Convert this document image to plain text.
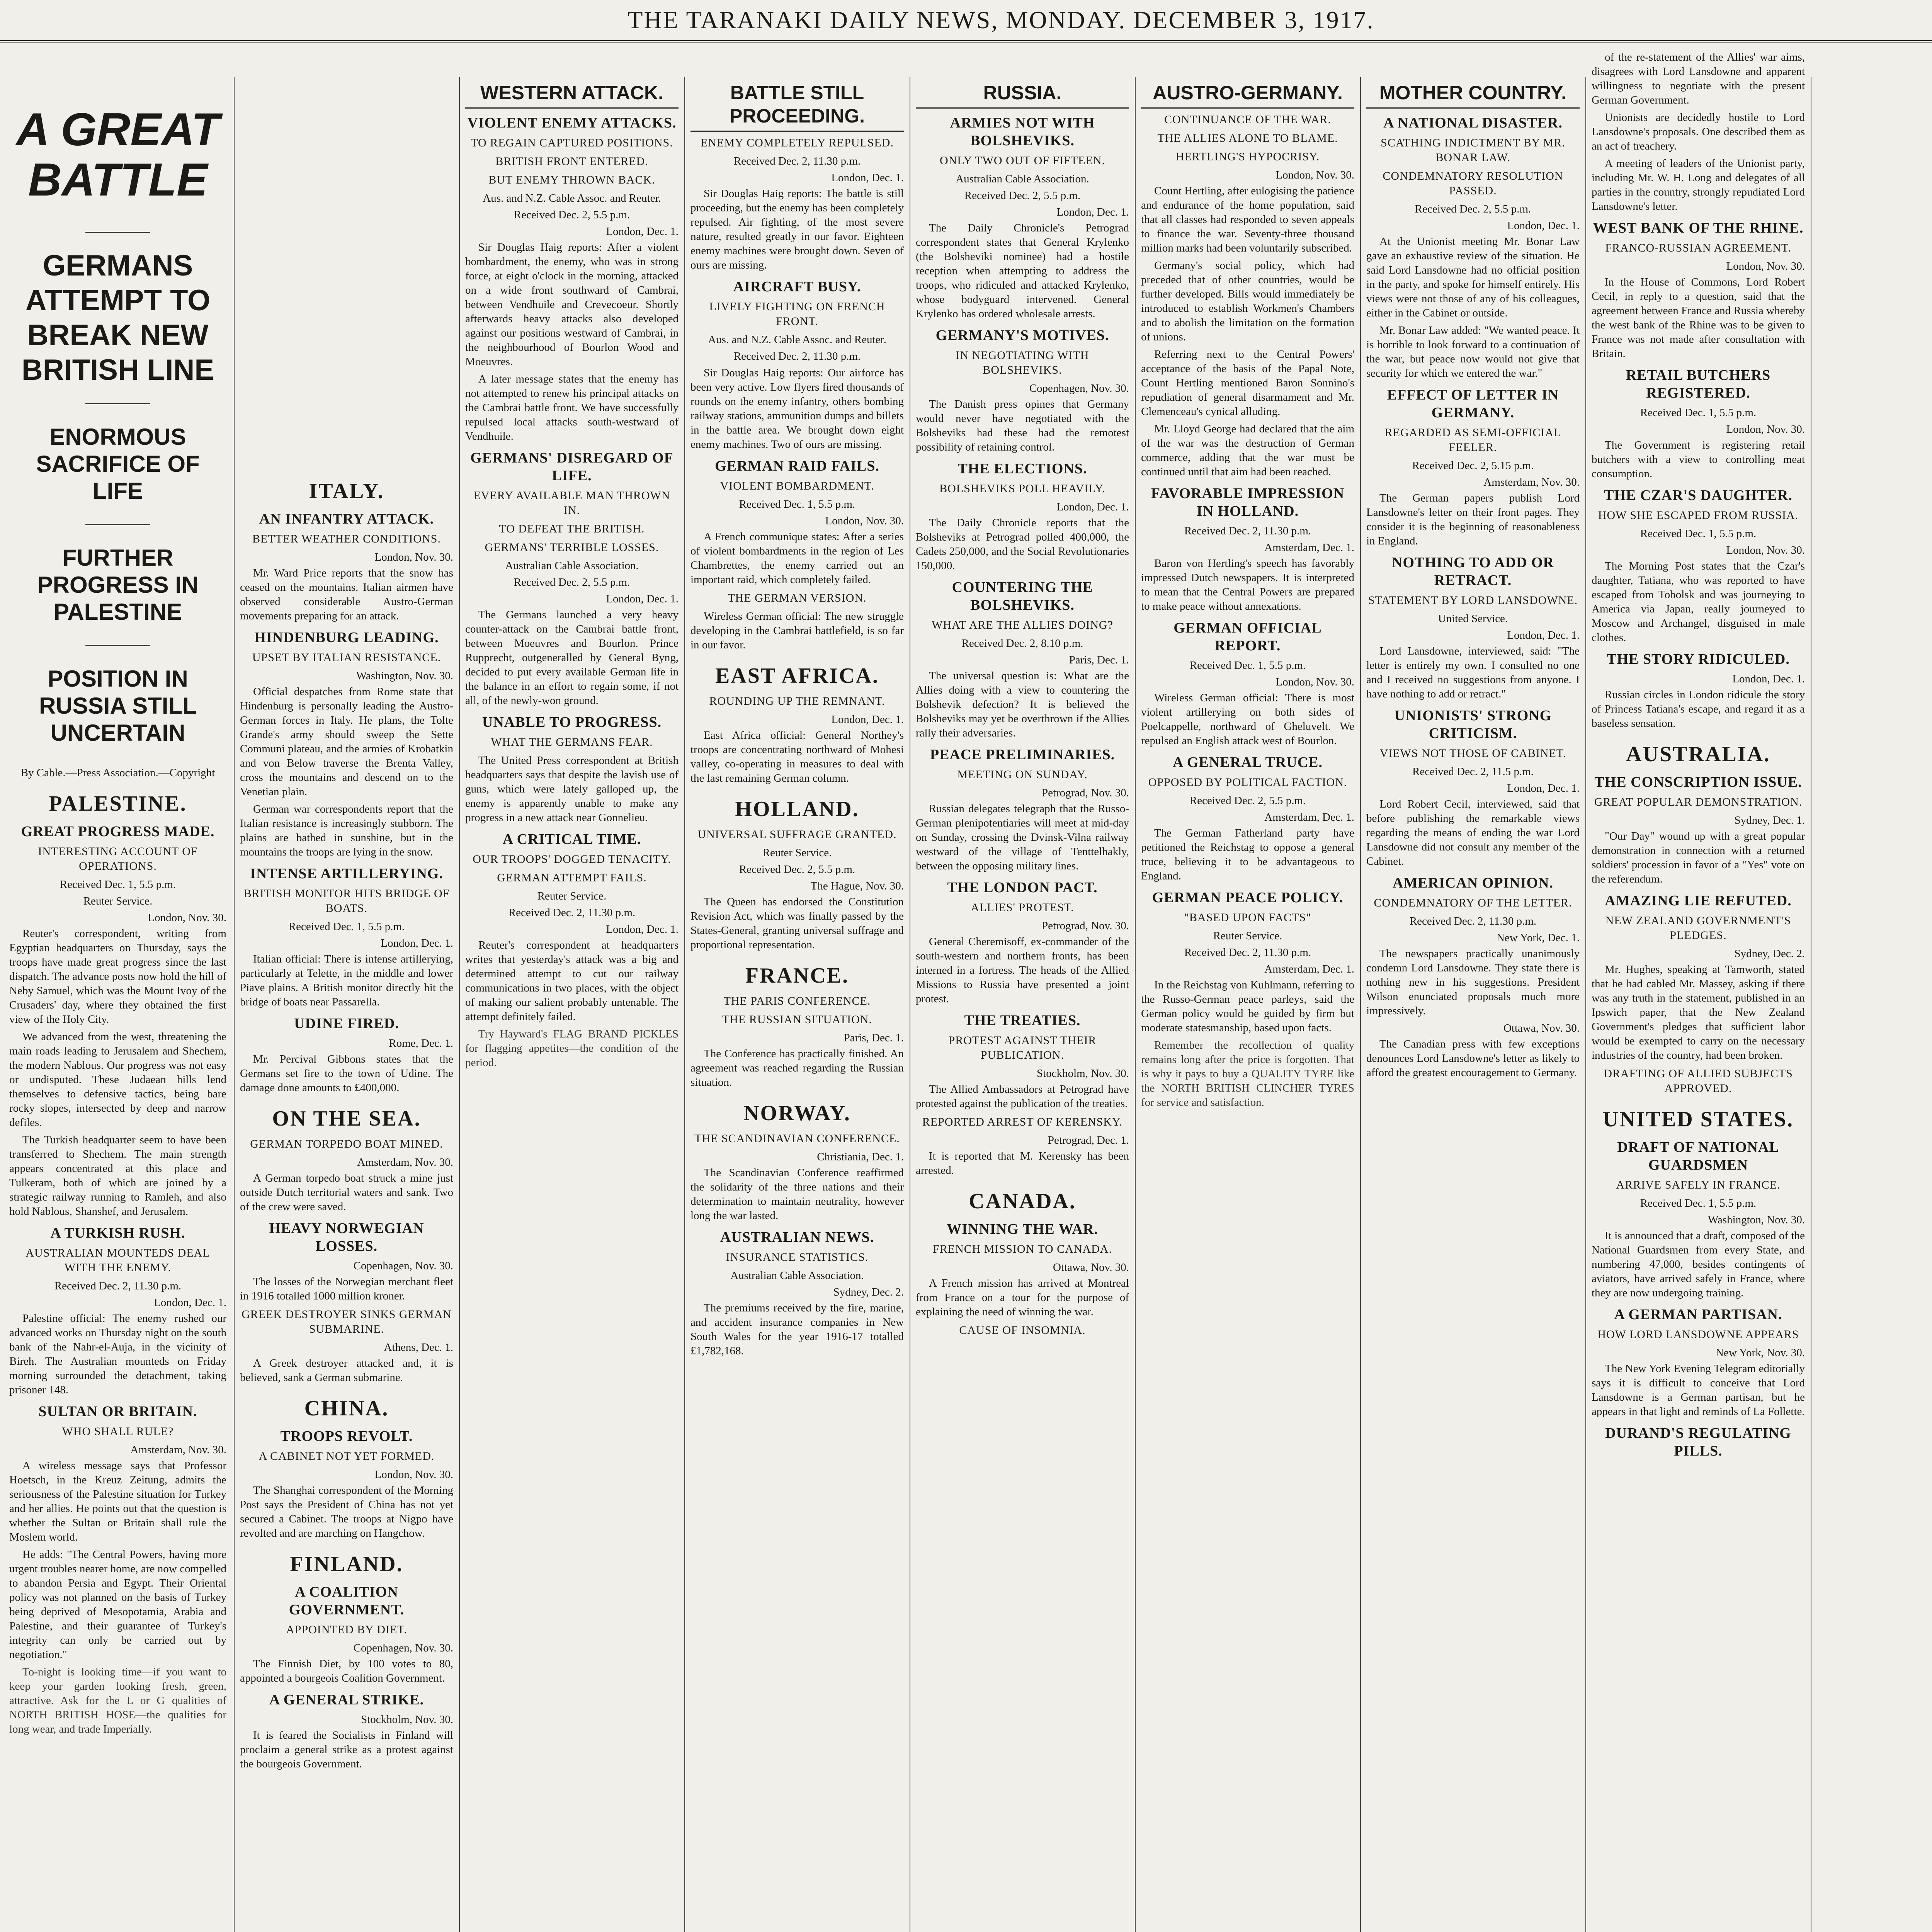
THE TARANAKI DAILY NEWS, MONDAY. DECEMBER 3, 1917.
A GREAT BATTLE
GERMANS ATTEMPT TO BREAK NEW BRITISH LINE
ENORMOUS SACRIFICE OF LIFE
FURTHER PROGRESS IN PALESTINE
POSITION IN RUSSIA STILL UNCERTAIN
By Cable.—Press Association.—Copyright
PALESTINE.
GREAT PROGRESS MADE.
INTERESTING ACCOUNT OF OPERATIONS.
Received Dec. 1, 5.5 p.m.
Reuter Service.
London, Nov. 30.

Reuter's correspondent, writing from Egyptian headquarters on Thursday, says the troops have made great progress since the last dispatch. The advance posts now hold the hill of Neby Samuel, which was the Mount Ivoy of the Crusaders' day, where they obtained the first view of the Holy City.

We advanced from the west, threatening the main roads leading to Jerusalem and Shechem, the modern Nablous. Our progress was not easy or undisputed. These Judaean hills lend themselves to defensive tactics, being bare rocky slopes, intersected by deep and narrow defiles.

The Turkish headquarter seem to have been transferred to Shechem. The main strength appears concentrated at this place and Tulkeram, both of which are joined by a strategic railway running to Ramleh, and also hold Nablous, Shanshef, and Jerusalem.

A TURKISH RUSH.
AUSTRALIAN MOUNTEDS DEAL WITH THE ENEMY.
Received Dec. 2, 11.30 p.m.
London, Dec. 1.

Palestine official: The enemy rushed our advanced works on Thursday night on the south bank of the Nahr-el-Auja, in the vicinity of Bireh. The Australian mounteds on Friday morning surrounded the detachment, taking prisoner 148.

SULTAN OR BRITAIN.
WHO SHALL RULE?
Amsterdam, Nov. 30.

A wireless message says that Professor Hoetsch, in the Kreuz Zeitung, admits the seriousness of the Palestine situation for Turkey and her allies. He points out that the question is whether the Sultan or Britain shall rule the Moslem world.

He adds: "The Central Powers, having more urgent troubles nearer home, are now compelled to abandon Persia and Egypt. Their Oriental policy was not planned on the basis of Turkey being deprived of Mesopotamia, Arabia and Palestine, and their guarantee of Turkey's integrity can only be carried out by negotiation."

To-night is looking time—if you want to keep your garden looking fresh, green, attractive. Ask for the L or G qualities of NORTH BRITISH HOSE—the qualities for long wear, and trade Imperially.

ITALY.
AN INFANTRY ATTACK.
BETTER WEATHER CONDITIONS.
London, Nov. 30.

Mr. Ward Price reports that the snow has ceased on the mountains. Italian airmen have observed considerable Austro-German movements preparing for an attack.

HINDENBURG LEADING.
UPSET BY ITALIAN RESISTANCE.
Washington, Nov. 30.

Official despatches from Rome state that Hindenburg is personally leading the Austro-German forces in Italy. He plans, the Tolte Grande's army should sweep the Sette Communi plateau, and the armies of Krobatkin and von Below traverse the Brenta Valley, cross the mountains and descend on to the Venetian plain.

German war correspondents report that the Italian resistance is increasingly stubborn. The plains are bathed in sunshine, but in the mountains the troops are lying in the snow.

INTENSE ARTILLERYING.
BRITISH MONITOR HITS BRIDGE OF BOATS.
Received Dec. 1, 5.5 p.m.
London, Dec. 1.

Italian official: There is intense artillerying, particularly at Telette, in the middle and lower Piave plains. A British monitor directly hit the bridge of boats near Passarella.

UDINE FIRED.
Rome, Dec. 1.

Mr. Percival Gibbons states that the Germans set fire to the town of Udine. The damage done amounts to £400,000.

ON THE SEA.
GERMAN TORPEDO BOAT MINED.
Amsterdam, Nov. 30.

A German torpedo boat struck a mine just outside Dutch territorial waters and sank. Two of the crew were saved.

HEAVY NORWEGIAN LOSSES.
Copenhagen, Nov. 30.

The losses of the Norwegian merchant fleet in 1916 totalled 1000 million kroner.

GREEK DESTROYER SINKS GERMAN SUBMARINE.
Athens, Dec. 1.

A Greek destroyer attacked and, it is believed, sank a German submarine.

CHINA.
TROOPS REVOLT.
A CABINET NOT YET FORMED.
London, Nov. 30.

The Shanghai correspondent of the Morning Post says the President of China has not yet secured a Cabinet. The troops at Nigpo have revolted and are marching on Hangchow.

FINLAND.
A COALITION GOVERNMENT.
APPOINTED BY DIET.
Copenhagen, Nov. 30.

The Finnish Diet, by 100 votes to 80, appointed a bourgeois Coalition Government.

A GENERAL STRIKE.
Stockholm, Nov. 30.

It is feared the Socialists in Finland will proclaim a general strike as a protest against the bourgeois Government.

WESTERN ATTACK.
VIOLENT ENEMY ATTACKS.
TO REGAIN CAPTURED POSITIONS.
BRITISH FRONT ENTERED.
BUT ENEMY THROWN BACK.
Aus. and N.Z. Cable Assoc. and Reuter.
Received Dec. 2, 5.5 p.m.
London, Dec. 1.

Sir Douglas Haig reports: After a violent bombardment, the enemy, who was in strong force, at eight o'clock in the morning, attacked on a wide front southward of Cambrai, between Vendhuile and Crevecoeur. Shortly afterwards heavy attacks also developed against our positions westward of Cambrai, in the neighbourhood of Bourlon Wood and Moeuvres.

A later message states that the enemy has not attempted to renew his principal attacks on the Cambrai battle front. We have successfully repulsed local attacks south-westward of Vendhuile.

GERMANS' DISREGARD OF LIFE.
EVERY AVAILABLE MAN THROWN IN.
TO DEFEAT THE BRITISH.
GERMANS' TERRIBLE LOSSES.
Australian Cable Association.
Received Dec. 2, 5.5 p.m.
London, Dec. 1.

The Germans launched a very heavy counter-attack on the Cambrai battle front, between Moeuvres and Bourlon. Prince Rupprecht, outgeneralled by General Byng, decided to put every available German life in the balance in an effort to regain some, if not all, of the newly-won ground.

UNABLE TO PROGRESS.
WHAT THE GERMANS FEAR.

The United Press correspondent at British headquarters says that despite the lavish use of guns, which were lately galloped up, the enemy is apparently unable to make any progress in a new attack near Gonnelieu.

A CRITICAL TIME.
OUR TROOPS' DOGGED TENACITY.
GERMAN ATTEMPT FAILS.
Reuter Service.
Received Dec. 2, 11.30 p.m.
London, Dec. 1.

Reuter's correspondent at headquarters writes that yesterday's attack was a big and determined attempt to cut our railway communications in two places, with the object of making our salient probably untenable. The attempt definitely failed.

Try Hayward's FLAG BRAND PICKLES for flagging appetites—the condition of the period.

BATTLE STILL PROCEEDING.
ENEMY COMPLETELY REPULSED.
Received Dec. 2, 11.30 p.m.
London, Dec. 1.

Sir Douglas Haig reports: The battle is still proceeding, but the enemy has been completely repulsed. Air fighting, of the most severe nature, resulted greatly in our favor. Eighteen enemy machines were brought down. Seven of ours are missing.

AIRCRAFT BUSY.
LIVELY FIGHTING ON FRENCH FRONT.
Aus. and N.Z. Cable Assoc. and Reuter.
Received Dec. 2, 11.30 p.m.

Sir Douglas Haig reports: Our airforce has been very active. Low flyers fired thousands of rounds on the enemy infantry, others bombing railway stations, ammunition dumps and billets in the battle area. We brought down eight enemy machines. Two of ours are missing.

GERMAN RAID FAILS.
VIOLENT BOMBARDMENT.
Received Dec. 1, 5.5 p.m.
London, Nov. 30.

A French communique states: After a series of violent bombardments in the region of Les Chambrettes, the enemy carried out an important raid, which completely failed.

THE GERMAN VERSION.

Wireless German official: The new struggle developing in the Cambrai battlefield, is so far in our favor.

EAST AFRICA.
ROUNDING UP THE REMNANT.
London, Dec. 1.

East Africa official: General Northey's troops are concentrating northward of Mohesi valley, co-operating in measures to deal with the last remaining German column.

HOLLAND.
UNIVERSAL SUFFRAGE GRANTED.
Reuter Service.
Received Dec. 2, 5.5 p.m.
The Hague, Nov. 30.

The Queen has endorsed the Constitution Revision Act, which was finally passed by the States-General, granting universal suffrage and proportional representation.

FRANCE.
THE PARIS CONFERENCE.
THE RUSSIAN SITUATION.
Paris, Dec. 1.

The Conference has practically finished. An agreement was reached regarding the Russian situation.

NORWAY.
THE SCANDINAVIAN CONFERENCE.
Christiania, Dec. 1.

The Scandinavian Conference reaffirmed the solidarity of the three nations and their determination to maintain neutrality, however long the war lasted.

AUSTRALIAN NEWS.
INSURANCE STATISTICS.
Australian Cable Association.
Sydney, Dec. 2.

The premiums received by the fire, marine, and accident insurance companies in New South Wales for the year 1916-17 totalled £1,782,168.

RUSSIA.
ARMIES NOT WITH BOLSHEVIKS.
ONLY TWO OUT OF FIFTEEN.
Australian Cable Association.
Received Dec. 2, 5.5 p.m.
London, Dec. 1.

The Daily Chronicle's Petrograd correspondent states that General Krylenko (the Bolsheviki nominee) had a hostile reception when attempting to address the troops, who ridiculed and attacked Krylenko, whose bodyguard intervened. General Krylenko has ordered wholesale arrests.

GERMANY'S MOTIVES.
IN NEGOTIATING WITH BOLSHEVIKS.
Copenhagen, Nov. 30.

The Danish press opines that Germany would never have negotiated with the Bolsheviks had these had the remotest possibility of retaining control.

THE ELECTIONS.
BOLSHEVIKS POLL HEAVILY.
London, Dec. 1.

The Daily Chronicle reports that the Bolsheviks at Petrograd polled 400,000, the Cadets 250,000, and the Social Revolutionaries 150,000.

COUNTERING THE BOLSHEVIKS.
WHAT ARE THE ALLIES DOING?
Received Dec. 2, 8.10 p.m.
Paris, Dec. 1.

The universal question is: What are the Allies doing with a view to countering the Bolshevik defection? It is believed the Bolsheviks may yet be overthrown if the Allies rally their adversaries.

PEACE PRELIMINARIES.
MEETING ON SUNDAY.
Petrograd, Nov. 30.

Russian delegates telegraph that the Russo-German plenipotentiaries will meet at mid-day on Sunday, crossing the Dvinsk-Vilna railway westward of the village of Tenttelhakly, between the opposing military lines.

THE LONDON PACT.
ALLIES' PROTEST.
Petrograd, Nov. 30.

General Cheremisoff, ex-commander of the south-western and northern fronts, has been interned in a fortress. The heads of the Allied Missions to Russia have presented a joint protest.

THE TREATIES.
PROTEST AGAINST THEIR PUBLICATION.
Stockholm, Nov. 30.

The Allied Ambassadors at Petrograd have protested against the publication of the treaties.

REPORTED ARREST OF KERENSKY.
Petrograd, Dec. 1.

It is reported that M. Kerensky has been arrested.

CANADA.
WINNING THE WAR.
FRENCH MISSION TO CANADA.
Ottawa, Nov. 30.

A French mission has arrived at Montreal from France on a tour for the purpose of explaining the need of winning the war.

CAUSE OF INSOMNIA.
AUSTRO-GERMANY.
CONTINUANCE OF THE WAR.
THE ALLIES ALONE TO BLAME.
HERTLING'S HYPOCRISY.
London, Nov. 30.

Count Hertling, after eulogising the patience and endurance of the home population, said that all classes had responded to seven appeals to finance the war. Seventy-three thousand million marks had been voluntarily subscribed.

Germany's social policy, which had preceded that of other countries, would be further developed. Bills would immediately be introduced to establish Workmen's Chambers and to abolish the limitation on the formation of unions.

Referring next to the Central Powers' acceptance of the basis of the Papal Note, Count Hertling mentioned Baron Sonnino's repudiation of general disarmament and Mr. Clemenceau's cynical alluding.

Mr. Lloyd George had declared that the aim of the war was the destruction of German commerce, adding that the war must be continued until that aim had been reached.

FAVORABLE IMPRESSION IN HOLLAND.
Received Dec. 2, 11.30 p.m.
Amsterdam, Dec. 1.

Baron von Hertling's speech has favorably impressed Dutch newspapers. It is interpreted to mean that the Central Powers are prepared to make peace without annexations.

GERMAN OFFICIAL REPORT.
Received Dec. 1, 5.5 p.m.
London, Nov. 30.

Wireless German official: There is most violent artillerying on both sides of Poelcappelle, northward of Gheluvelt. We repulsed an English attack west of Bourlon.

A GENERAL TRUCE.
OPPOSED BY POLITICAL FACTION.
Received Dec. 2, 5.5 p.m.
Amsterdam, Dec. 1.

The German Fatherland party have petitioned the Reichstag to oppose a general truce, believing it to be advantageous to England.

GERMAN PEACE POLICY.
"BASED UPON FACTS"
Reuter Service.
Received Dec. 2, 11.30 p.m.
Amsterdam, Dec. 1.

In the Reichstag von Kuhlmann, referring to the Russo-German peace parleys, said the German policy would be guided by firm but moderate statesmanship, based upon facts.

Remember the recollection of quality remains long after the price is forgotten. That is why it pays to buy a QUALITY TYRE like the NORTH BRITISH CLINCHER TYRES for service and satisfaction.

MOTHER COUNTRY.
A NATIONAL DISASTER.
SCATHING INDICTMENT BY MR. BONAR LAW.
CONDEMNATORY RESOLUTION PASSED.
Received Dec. 2, 5.5 p.m.
London, Dec. 1.

At the Unionist meeting Mr. Bonar Law gave an exhaustive review of the situation. He said Lord Lansdowne had no official position in the party, and spoke for himself entirely. His views were not those of any of his colleagues, either in the Cabinet or outside.

Mr. Bonar Law added: "We wanted peace. It is horrible to look forward to a continuation of the war, but peace now would not give that security for which we entered the war."

EFFECT OF LETTER IN GERMANY.
REGARDED AS SEMI-OFFICIAL FEELER.
Received Dec. 2, 5.15 p.m.
Amsterdam, Nov. 30.

The German papers publish Lord Lansdowne's letter on their front pages. They consider it is the beginning of reasonableness in England.

NOTHING TO ADD OR RETRACT.
STATEMENT BY LORD LANSDOWNE.
United Service.
London, Dec. 1.

Lord Lansdowne, interviewed, said: "The letter is entirely my own. I consulted no one and I received no suggestions from anyone. I have nothing to add or retract."

UNIONISTS' STRONG CRITICISM.
VIEWS NOT THOSE OF CABINET.
Received Dec. 2, 11.5 p.m.
London, Dec. 1.

Lord Robert Cecil, interviewed, said that before publishing the remarkable views regarding the means of ending the war Lord Lansdowne did not consult any member of the Cabinet.

AMERICAN OPINION.
CONDEMNATORY OF THE LETTER.
Received Dec. 2, 11.30 p.m.
New York, Dec. 1.

The newspapers practically unanimously condemn Lord Lansdowne. They state there is nothing new in his suggestions. President Wilson enunciated proposals much more impressively.

Ottawa, Nov. 30.

The Canadian press with few exceptions denounces Lord Lansdowne's letter as likely to afford the greatest encouragement to Germany.

of the re-statement of the Allies' war aims, disagrees with Lord Lansdowne and apparent willingness to negotiate with the present German Government.

Unionists are decidedly hostile to Lord Lansdowne's proposals. One described them as an act of treachery.

A meeting of leaders of the Unionist party, including Mr. W. H. Long and delegates of all parties in the country, strongly repudiated Lord Lansdowne's letter.

WEST BANK OF THE RHINE.
FRANCO-RUSSIAN AGREEMENT.
London, Nov. 30.

In the House of Commons, Lord Robert Cecil, in reply to a question, said that the agreement between France and Russia whereby the west bank of the Rhine was to be given to France was not made after consultation with Britain.

RETAIL BUTCHERS REGISTERED.
Received Dec. 1, 5.5 p.m.
London, Nov. 30.

The Government is registering retail butchers with a view to controlling meat consumption.

THE CZAR'S DAUGHTER.
HOW SHE ESCAPED FROM RUSSIA.
Received Dec. 1, 5.5 p.m.
London, Nov. 30.

The Morning Post states that the Czar's daughter, Tatiana, who was reported to have escaped from Tobolsk and was journeying to America via Japan, really journeyed to Moscow and Archangel, disguised in male clothes.

THE STORY RIDICULED.
London, Dec. 1.

Russian circles in London ridicule the story of Princess Tatiana's escape, and regard it as a baseless sensation.

AUSTRALIA.
THE CONSCRIPTION ISSUE.
GREAT POPULAR DEMONSTRATION.
Sydney, Dec. 1.

"Our Day" wound up with a great popular demonstration in connection with a returned soldiers' procession in favor of a "Yes" vote on the referendum.

AMAZING LIE REFUTED.
NEW ZEALAND GOVERNMENT'S PLEDGES.
Sydney, Dec. 2.

Mr. Hughes, speaking at Tamworth, stated that he had cabled Mr. Massey, asking if there was any truth in the statement, published in an Ipswich paper, that the New Zealand Government's pledges that sufficient labor would be exempted to carry on the necessary industries of the country, had been broken.

DRAFTING OF ALLIED SUBJECTS APPROVED.
UNITED STATES.
DRAFT OF NATIONAL GUARDSMEN
ARRIVE SAFELY IN FRANCE.
Received Dec. 1, 5.5 p.m.
Washington, Nov. 30.

It is announced that a draft, composed of the National Guardsmen from every State, and numbering 47,000, besides contingents of aviators, have arrived safely in France, where they are now undergoing training.

A GERMAN PARTISAN.
HOW LORD LANSDOWNE APPEARS
New York, Nov. 30.

The New York Evening Telegram editorially says it is difficult to conceive that Lord Lansdowne is a German partisan, but he appears in that light and reminds of La Follette.

DURAND'S REGULATING PILLS.
